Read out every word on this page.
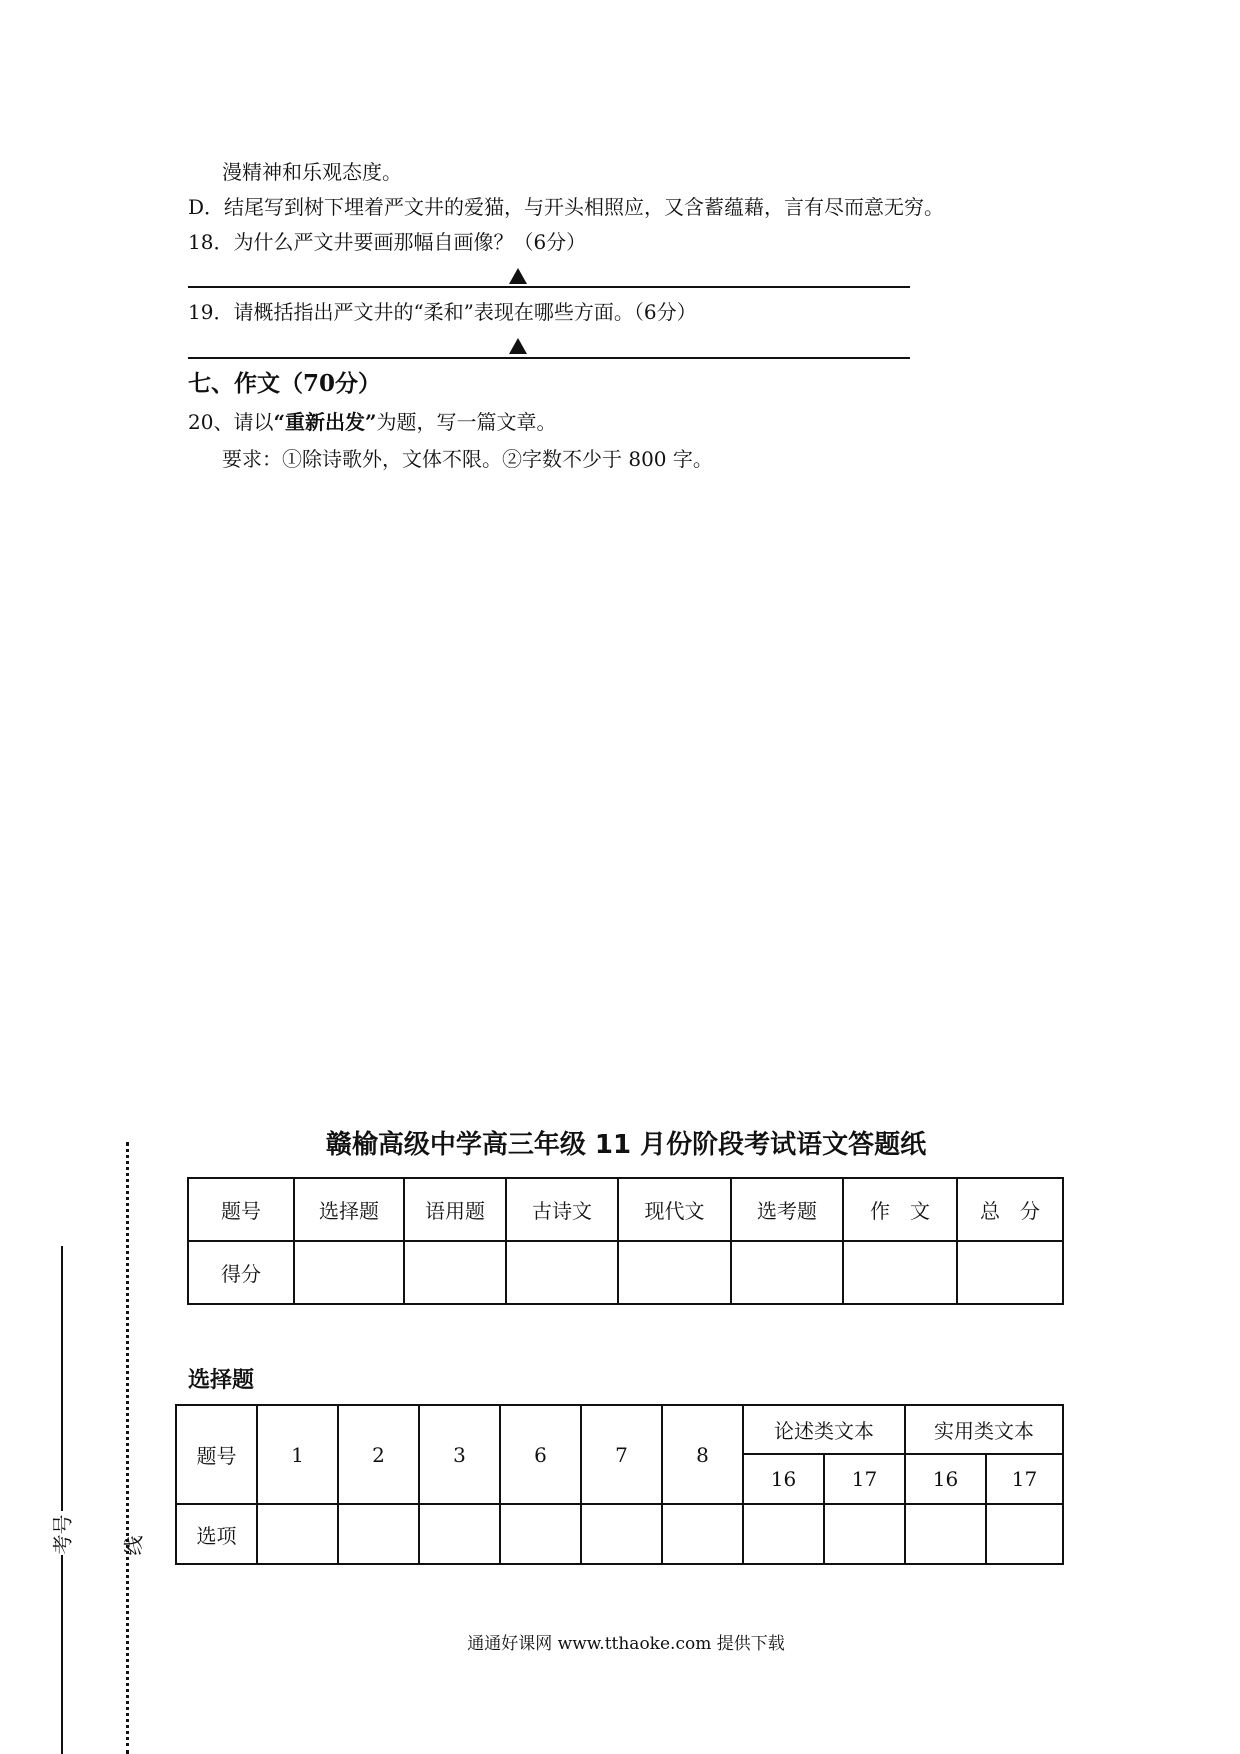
漫精神和乐观态度。
D．结尾写到树下埋着严文井的爱猫，与开头相照应，又含蓄蕴藉，言有尽而意无穷。
18．为什么严文井要画那幅自画像？（6分）
19．请概括指出严文井的“柔和”表现在哪些方面。（6分）
七、作文（70分）
20、请以“重新出发”为题，写一篇文章。
要求：①除诗歌外，文体不限。②字数不少于 800 字。
考号 线
赣榆高级中学高三年级 11 月份阶段考试语文答题纸
题号	选择题	语用题	古诗文	现代文	选考题	作　文	总　分
得分							
选择题
题号	1	2	3	6	7	8	论述类文本		实用类文本	
							16	17	16	17
选项										
通通好课网 www.tthaoke.com 提供下载
